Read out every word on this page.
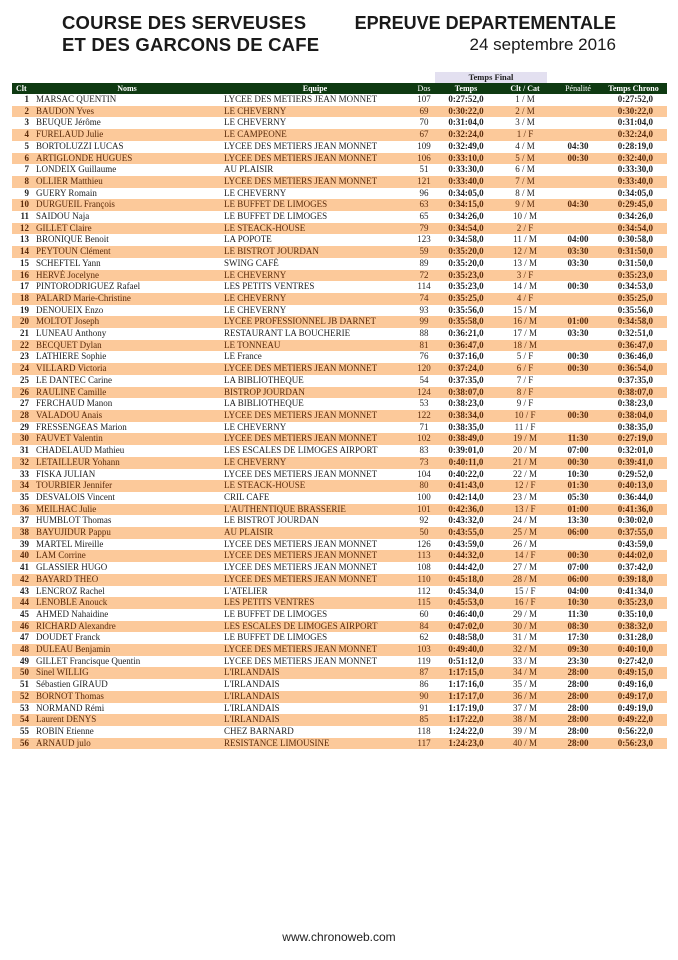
COURSE DES SERVEUSES
ET DES GARCONS DE CAFE
EPREUVE DEPARTEMENTALE
24 septembre 2016
Temps Final
Clt	Noms	Equipe	Dos	Temps	Clt / Cat	Pénalité	Temps Chrono
1	MARSAC QUENTIN	LYCEE DES METIERS JEAN MONNET	107	0:27:52,0	1 / M		0:27:52,0
2	BAUDON Yves	LE CHEVERNY	69	0:30:22,0	2 / M		0:30:22,0
3	BEUQUE Jérôme	LE CHEVERNY	70	0:31:04,0	3 / M		0:31:04,0
4	FURELAUD Julie	LE CAMPEONE	67	0:32:24,0	1 / F		0:32:24,0
5	BORTOLUZZI LUCAS	LYCEE DES METIERS JEAN MONNET	109	0:32:49,0	4 / M	04:30	0:28:19,0
6	ARTIGLONDE HUGUES	LYCEE DES METIERS JEAN MONNET	106	0:33:10,0	5 / M	00:30	0:32:40,0
7	LONDEIX Guillaume	AU PLAISIR	51	0:33:30,0	6 / M		0:33:30,0
8	OLLIER Matthieu	LYCEE DES METIERS JEAN MONNET	121	0:33:40,0	7 / M		0:33:40,0
9	GUERY Romain	LE CHEVERNY	96	0:34:05,0	8 / M		0:34:05,0
10	DURGUEIL François	LE BUFFET DE LIMOGES	63	0:34:15,0	9 / M	04:30	0:29:45,0
11	SAIDOU Naja	LE BUFFET DE LIMOGES	65	0:34:26,0	10 / M		0:34:26,0
12	GILLET Claire	LE STEACK-HOUSE	79	0:34:54,0	2 / F		0:34:54,0
13	BRONIQUE Benoit	LA POPOTE	123	0:34:58,0	11 / M	04:00	0:30:58,0
14	PEYTOUN Clément	LE BISTROT JOURDAN	59	0:35:20,0	12 / M	03:30	0:31:50,0
15	SCHEFTEL Yann	SWING CAFÉ	89	0:35:20,0	13 / M	03:30	0:31:50,0
16	HERVÉ Jocelyne	LE CHEVERNY	72	0:35:23,0	3 / F		0:35:23,0
17	PINTORODRIGUEZ Rafael	LES PETITS VENTRES	114	0:35:23,0	14 / M	00:30	0:34:53,0
18	PALARD Marie-Christine	LE CHEVERNY	74	0:35:25,0	4 / F		0:35:25,0
19	DENOUEIX Enzo	LE CHEVERNY	93	0:35:56,0	15 / M		0:35:56,0
20	MOLTOT Joseph	LYCEE PROFESSIONNEL JB DARNET	99	0:35:58,0	16 / M	01:00	0:34:58,0
21	LUNEAU Anthony	RESTAURANT LA BOUCHERIE	88	0:36:21,0	17 / M	03:30	0:32:51,0
22	BECQUET Dylan	LE TONNEAU	81	0:36:47,0	18 / M		0:36:47,0
23	LATHIERE Sophie	LE France	76	0:37:16,0	5 / F	00:30	0:36:46,0
24	VILLARD Victoria	LYCEE DES METIERS JEAN MONNET	120	0:37:24,0	6 / F	00:30	0:36:54,0
25	LE DANTEC Carine	LA BIBLIOTHEQUE	54	0:37:35,0	7 / F		0:37:35,0
26	RAULINE Camille	BISTROP JOURDAN	124	0:38:07,0	8 / F		0:38:07,0
27	FERCHAUD Manon	LA BIBLIOTHEQUE	53	0:38:23,0	9 / F		0:38:23,0
28	VALADOU Anais	LYCEE DES METIERS JEAN MONNET	122	0:38:34,0	10 / F	00:30	0:38:04,0
29	FRESSENGEAS Marion	LE CHEVERNY	71	0:38:35,0	11 / F		0:38:35,0
30	FAUVET Valentin	LYCEE DES METIERS JEAN MONNET	102	0:38:49,0	19 / M	11:30	0:27:19,0
31	CHADELAUD Mathieu	LES ESCALES DE LIMOGES AIRPORT	83	0:39:01,0	20 / M	07:00	0:32:01,0
32	LETAILLEUR Yohann	LE CHEVERNY	73	0:40:11,0	21 / M	00:30	0:39:41,0
33	FISKA JULIAN	LYCEE DES METIERS JEAN MONNET	104	0:40:22,0	22 / M	10:30	0:29:52,0
34	TOURBIER Jennifer	LE STEACK-HOUSE	80	0:41:43,0	12 / F	01:30	0:40:13,0
35	DESVALOIS Vincent	CRIL CAFE	100	0:42:14,0	23 / M	05:30	0:36:44,0
36	MEILHAC Julie	L'AUTHENTIQUE BRASSERIE	101	0:42:36,0	13 / F	01:00	0:41:36,0
37	HUMBLOT Thomas	LE BISTROT JOURDAN	92	0:43:32,0	24 / M	13:30	0:30:02,0
38	BAYUJIDUR Pappu	AU PLAISIR	50	0:43:55,0	25 / M	06:00	0:37:55,0
39	MARTEL Mireille	LYCEE DES METIERS JEAN MONNET	126	0:43:59,0	26 / M		0:43:59,0
40	LAM Corrine	LYCEE DES METIERS JEAN MONNET	113	0:44:32,0	14 / F	00:30	0:44:02,0
41	GLASSIER HUGO	LYCEE DES METIERS JEAN MONNET	108	0:44:42,0	27 / M	07:00	0:37:42,0
42	BAYARD THEO	LYCEE DES METIERS JEAN MONNET	110	0:45:18,0	28 / M	06:00	0:39:18,0
43	LENCROZ Rachel	L'ATELIER	112	0:45:34,0	15 / F	04:00	0:41:34,0
44	LENOBLE Anouck	LES PETITS VENTRES	115	0:45:53,0	16 / F	10:30	0:35:23,0
45	AHMED Nahaidine	LE BUFFET DE LIMOGES	60	0:46:40,0	29 / M	11:30	0:35:10,0
46	RICHARD Alexandre	LES ESCALES DE LIMOGES AIRPORT	84	0:47:02,0	30 / M	08:30	0:38:32,0
47	DOUDET Franck	LE BUFFET DE LIMOGES	62	0:48:58,0	31 / M	17:30	0:31:28,0
48	DULEAU Benjamin	LYCEE DES METIERS JEAN MONNET	103	0:49:40,0	32 / M	09:30	0:40:10,0
49	GILLET Francisque Quentin	LYCEE DES METIERS JEAN MONNET	119	0:51:12,0	33 / M	23:30	0:27:42,0
50	Sinel WILLIG	L'IRLANDAIS	87	1:17:15,0	34 / M	28:00	0:49:15,0
51	Sébastien GIRAUD	L'IRLANDAIS	86	1:17:16,0	35 / M	28:00	0:49:16,0
52	BORNOT Thomas	L'IRLANDAIS	90	1:17:17,0	36 / M	28:00	0:49:17,0
53	NORMAND Rémi	L'IRLANDAIS	91	1:17:19,0	37 / M	28:00	0:49:19,0
54	Laurent DENYS	L'IRLANDAIS	85	1:17:22,0	38 / M	28:00	0:49:22,0
55	ROBIN Etienne	CHEZ BARNARD	118	1:24:22,0	39 / M	28:00	0:56:22,0
56	ARNAUD julo	RESISTANCE LIMOUSINE	117	1:24:23,0	40 / M	28:00	0:56:23,0
www.chronoweb.com
